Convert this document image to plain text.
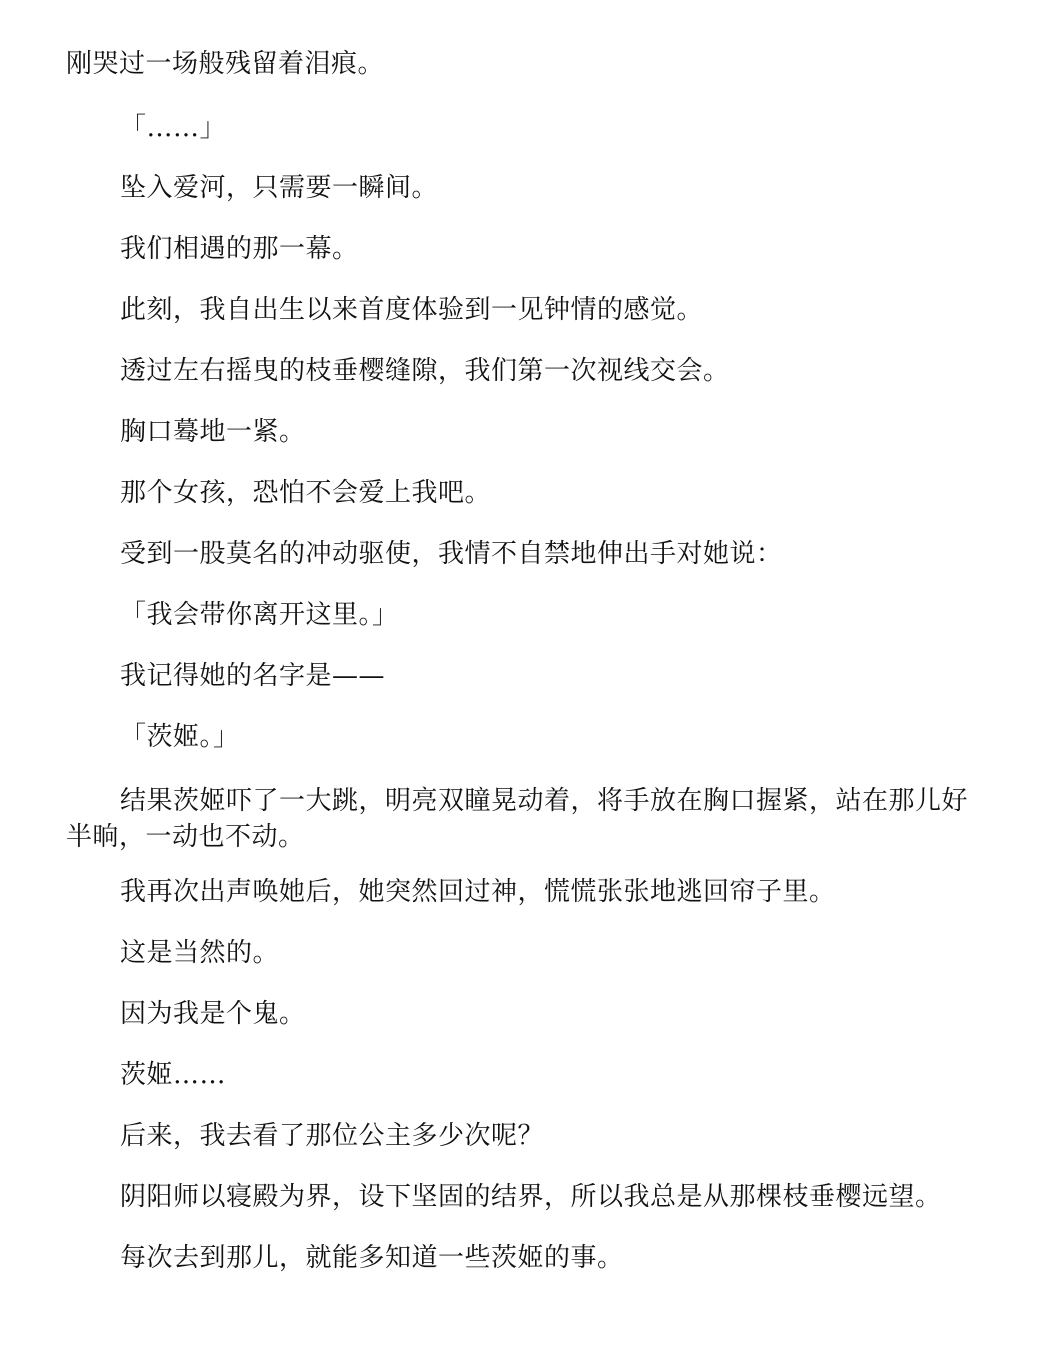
刚哭过一场般残留着泪痕。

「……」

坠入爱河，只需要一瞬间。

我们相遇的那一幕。

此刻，我自出生以来首度体验到一见钟情的感觉。

透过左右摇曳的枝垂樱缝隙，我们第一次视线交会。

胸口蓦地一紧。

那个女孩，恐怕不会爱上我吧。

受到一股莫名的冲动驱使，我情不自禁地伸出手对她说：

「我会带你离开这里。」

我记得她的名字是——

「茨姬。」

结果茨姬吓了一大跳，明亮双瞳晃动着，将手放在胸口握紧，站在那儿好半晌，一动也不动。

我再次出声唤她后，她突然回过神，慌慌张张地逃回帘子里。

这是当然的。

因为我是个鬼。

茨姬……

后来，我去看了那位公主多少次呢？

阴阳师以寝殿为界，设下坚固的结界，所以我总是从那棵枝垂樱远望。

每次去到那儿，就能多知道一些茨姬的事。
